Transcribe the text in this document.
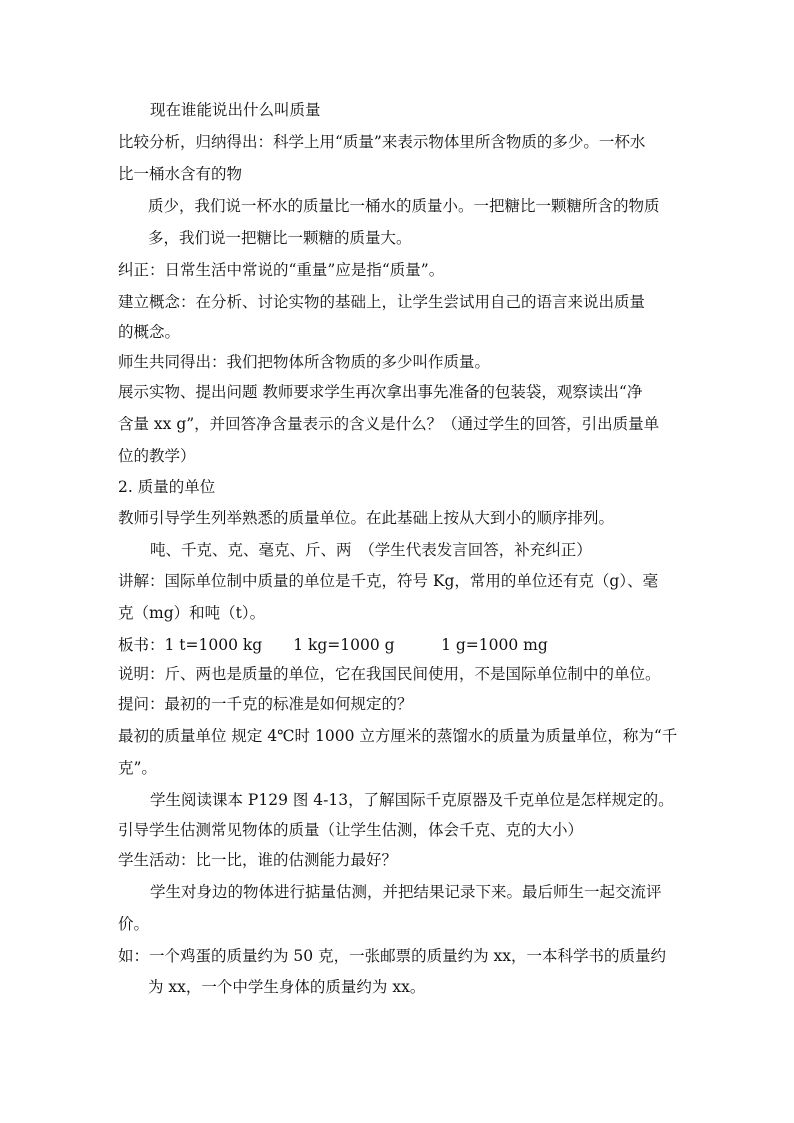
现在谁能说出什么叫质量
比较分析，归纳得出：科学上用“质量”来表示物体里所含物质的多少。一杯水
比一桶水含有的物
质少，我们说一杯水的质量比一桶水的质量小。一把糖比一颗糖所含的物质
多，我们说一把糖比一颗糖的质量大。
纠正：日常生活中常说的“重量”应是指“质量”。
建立概念：在分析、讨论实物的基础上，让学生尝试用自己的语言来说出质量
的概念。
师生共同得出：我们把物体所含物质的多少叫作质量。
展示实物、提出问题 教师要求学生再次拿出事先准备的包装袋，观察读出“净
含量 xx g”，并回答净含量表示的含义是什么？（通过学生的回答，引出质量单
位的教学）
2. 质量的单位
教师引导学生列举熟悉的质量单位。在此基础上按从大到小的顺序排列。
吨、千克、克、毫克、斤、两　（学生代表发言回答，补充纠正）
讲解：国际单位制中质量的单位是千克，符号 Kg，常用的单位还有克（g）、毫
克（mg）和吨（t）。
板书：1 t=1000 kg　　1 kg=1000 g　　　1 g=1000 mg
说明：斤、两也是质量的单位，它在我国民间使用，不是国际单位制中的单位。
提问：最初的一千克的标准是如何规定的？
最初的质量单位 规定 4℃时 1000 立方厘米的蒸馏水的质量为质量单位，称为“千
克”。
学生阅读课本 P129 图 4-13，了解国际千克原器及千克单位是怎样规定的。
引导学生估测常见物体的质量（让学生估测，体会千克、克的大小）
学生活动：比一比，谁的估测能力最好？
学生对身边的物体进行掂量估测，并把结果记录下来。最后师生一起交流评
价。
如：一个鸡蛋的质量约为 50 克，一张邮票的质量约为 xx，一本科学书的质量约
为 xx，一个中学生身体的质量约为 xx。
